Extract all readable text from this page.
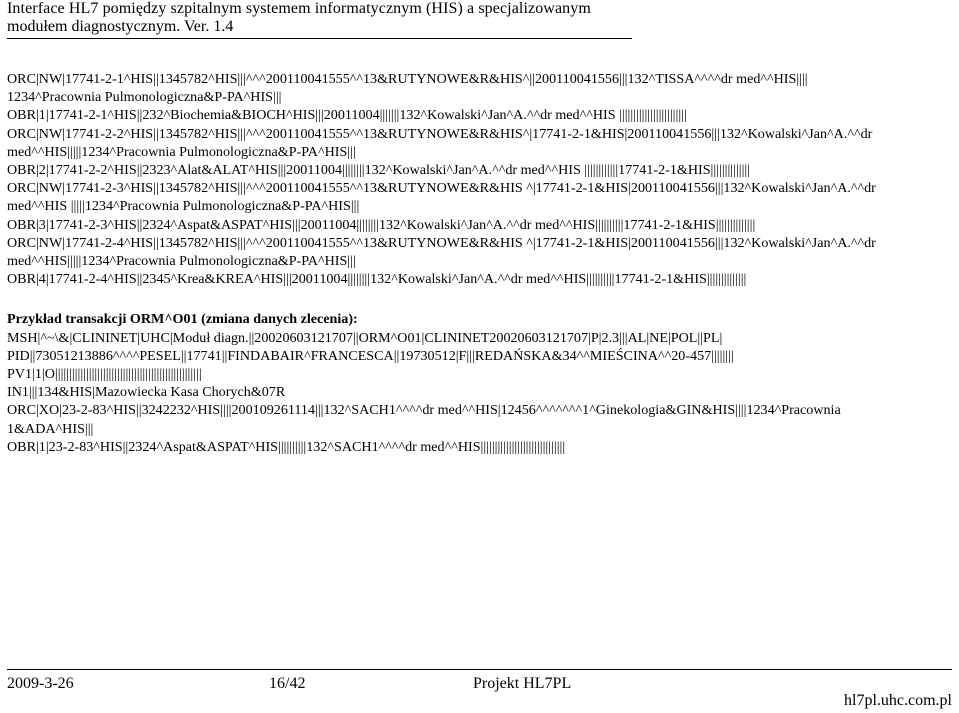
Interface HL7 pomiędzy szpitalnym systemem informatycznym (HIS) a specjalizowanym
modułem diagnostycznym. Ver. 1.4

ORC|NW|17741-2-1^HIS||1345782^HIS|||^^^200110041555^^13&RUTYNOWE&R&HIS^||200110041556|||132^TISSA^^^^dr med^^HIS||||

1234^Pracownia Pulmonologiczna&P-PA^HIS|||

OBR|1|17741-2-1^HIS||232^Biochemia&BIOCH^HIS|||20011004|||||||132^Kowalski^Jan^A.^^dr med^^HIS ||||||||||||||||||||||||

ORC|NW|17741-2-2^HIS||1345782^HIS|||^^^200110041555^^13&RUTYNOWE&R&HIS^|17741-2-1&HIS|200110041556|||132^Kowalski^Jan^A.^^dr

med^^HIS|||||1234^Pracownia Pulmonologiczna&P-PA^HIS|||

OBR|2|17741-2-2^HIS||2323^Alat&ALAT^HIS|||20011004||||||||132^Kowalski^Jan^A.^^dr med^^HIS ||||||||||||17741-2-1&HIS||||||||||||||

ORC|NW|17741-2-3^HIS||1345782^HIS|||^^^200110041555^^13&RUTYNOWE&R&HIS ^|17741-2-1&HIS|200110041556|||132^Kowalski^Jan^A.^^dr

med^^HIS |||||1234^Pracownia Pulmonologiczna&P-PA^HIS|||

OBR|3|17741-2-3^HIS||2324^Aspat&ASPAT^HIS|||20011004||||||||132^Kowalski^Jan^A.^^dr med^^HIS||||||||||17741-2-1&HIS||||||||||||||

ORC|NW|17741-2-4^HIS||1345782^HIS|||^^^200110041555^^13&RUTYNOWE&R&HIS ^|17741-2-1&HIS|200110041556|||132^Kowalski^Jan^A.^^dr

med^^HIS|||||1234^Pracownia Pulmonologiczna&P-PA^HIS|||

OBR|4|17741-2-4^HIS||2345^Krea&KREA^HIS|||20011004||||||||132^Kowalski^Jan^A.^^dr med^^HIS||||||||||17741-2-1&HIS||||||||||||||

Przykład transakcji ORM^O01 (zmiana danych zlecenia):

MSH|^~\&|CLININET|UHC|Moduł diagn.||20020603121707||ORM^O01|CLININET20020603121707|P|2.3|||AL|NE|POL||PL|

PID||73051213886^^^^PESEL||17741||FINDABAIR^FRANCESCA||19730512|F|||REDAŃSKA&34^^MIEŚCINA^^20-457||||||||

PV1|1|O||||||||||||||||||||||||||||||||||||||||||||||||||||

IN1|||134&HIS|Mazowiecka Kasa Chorych&07R

ORC|XO|23-2-83^HIS||3242232^HIS||||200109261114|||132^SACH1^^^^dr med^^HIS|12456^^^^^^^1^Ginekologia&GIN&HIS||||1234^Pracownia

1&ADA^HIS|||

OBR|1|23-2-83^HIS||2324^Aspat&ASPAT^HIS||||||||||132^SACH1^^^^dr med^^HIS||||||||||||||||||||||||||||||

2009-3-26	16/42	Projekt HL7PL
hl7pl.uhc.com.pl
